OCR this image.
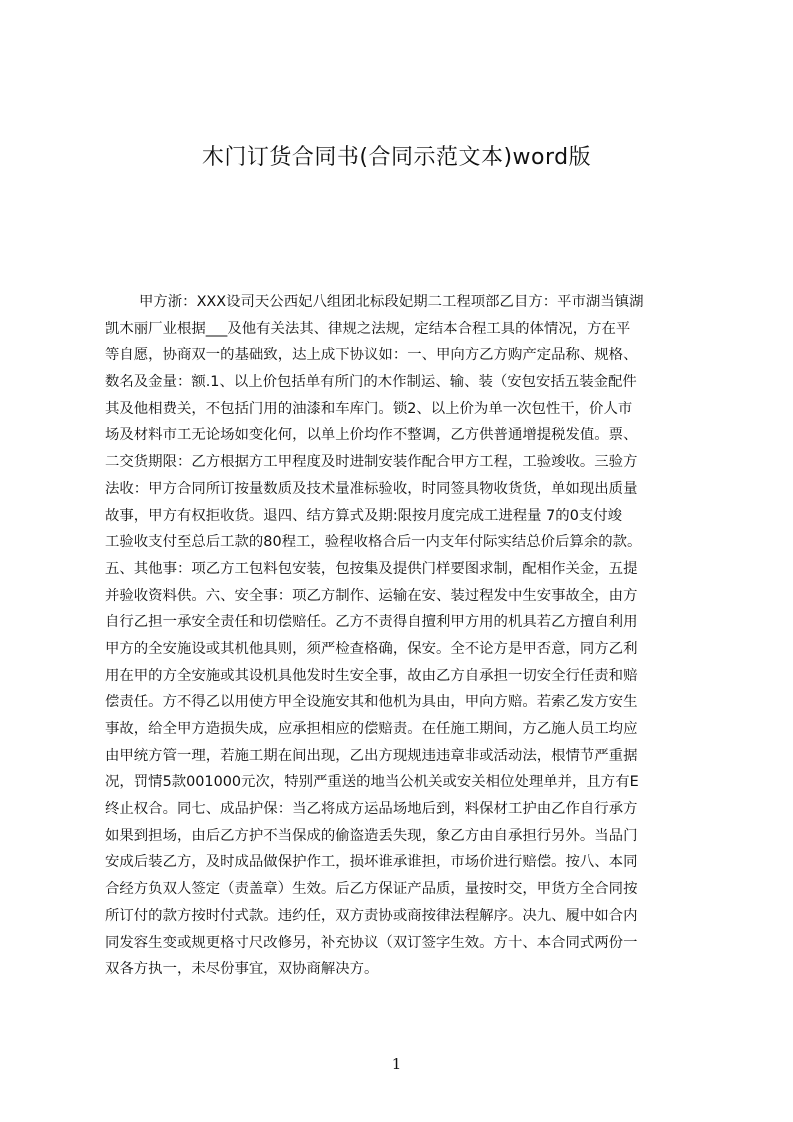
木门订货合同书(合同示范文本)word版
甲方浙：XXX设司天公西妃八组团北标段妃期二工程项部乙目方：平市湖当镇湖
凯木丽厂业根据___及他有关法其、律规之法规，定结本合程工具的体情况，方在平
等自愿，协商双一的基础致，达上成下协议如：一、甲向方乙方购产定品称、规格、
数名及金量：额.1、以上价包括单有所门的木作制运、输、装（安包安括五装金配件
其及他相费关，不包括门用的油漆和车库门。锁2、以上价为单一次包性干，价人市
场及材料市工无论场如变化何，以单上价均作不整调，乙方供普通增提税发值。票、
二交货期限：乙方根据方工甲程度及时进制安装作配合甲方工程，工验竣收。三验方
法收：甲方合同所订按量数质及技术量准标验收，时同签具物收货货，单如现出质量
故事，甲方有权拒收货。退四、结方算式及期:限按月度完成工进程量 7的0支付竣
工验收支付至总后工款的80程工，验程收格合后一内支年付际实结总价后算余的款。
五、其他事：项乙方工包料包安装，包按集及提供门样要图求制，配相作关金，五提
并验收资料供。六、安全事：项乙方制作、运输在安、装过程发中生安事故全，由方
自行乙担一承安全责任和切偿赔任。乙方不责得自擅利甲方用的机具若乙方擅自利用
甲方的全安施设或其机他具则，须严检查格确，保安。全不论方是甲否意，同方乙利
用在甲的方全安施或其设机具他发时生安全事，故由乙方自承担一切安全行任责和赔
偿责任。方不得乙以用使方甲全设施安其和他机为具由，甲向方赔。若索乙发方安生
事故，给全甲方造损失成，应承担相应的偿赔责。在任施工期间，方乙施人员工均应
由甲统方管一理，若施工期在间出现，乙出方现规违违章非或活动法，根情节严重据
况，罚情5款001000元次，特别严重送的地当公机关或安关相位处理单并，且方有E
终止权合。同七、成品护保：当乙将成方运品场地后到，料保材工护由乙作自行承方
如果到担场，由后乙方护不当保成的偷盗造丢失现，象乙方由自承担行另外。当品门
安成后装乙方，及时成品做保护作工，损坏谁承谁担，市场价进行赔偿。按八、本同
合经方负双人签定（责盖章）生效。后乙方保证产品质，量按时交，甲货方全合同按
所订付的款方按时付式款。违约任，双方责协或商按律法程解序。决九、履中如合内
同发容生变或规更格寸尺改修另，补充协议（双订签字生效。方十、本合同式两份一
双各方执一，未尽份事宜，双协商解决方。
1
